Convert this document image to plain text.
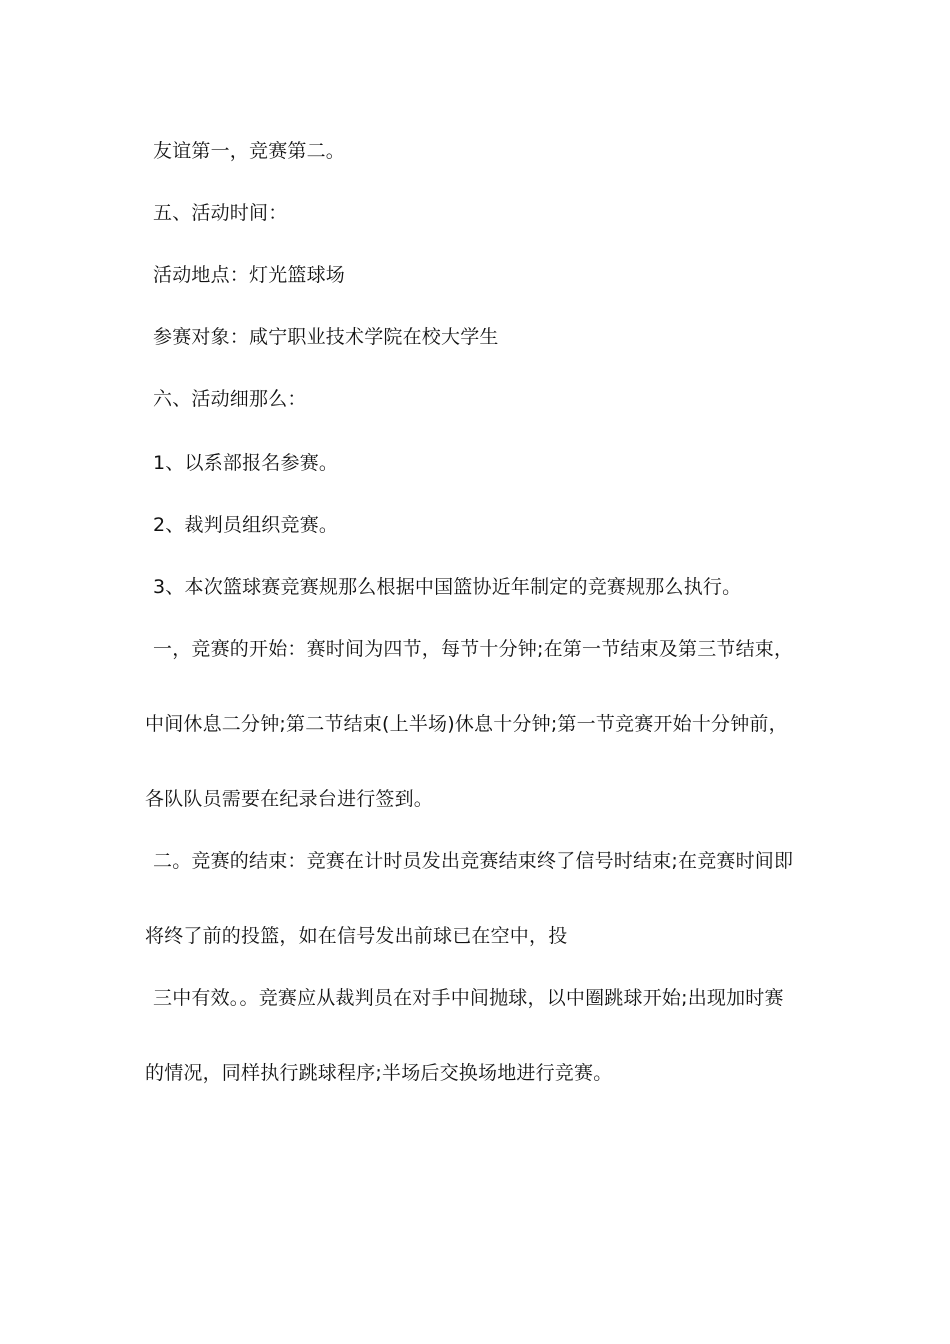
友谊第一，竞赛第二。
五、活动时间：
活动地点：灯光篮球场
参赛对象：咸宁职业技术学院在校大学生
六、活动细那么：
1、以系部报名参赛。
2、裁判员组织竞赛。
3、本次篮球赛竞赛规那么根据中国篮协近年制定的竞赛规那么执行。
一，竞赛的开始：赛时间为四节，每节十分钟;在第一节结束及第三节结束，
中间休息二分钟;第二节结束(上半场)休息十分钟;第一节竞赛开始十分钟前，
各队队员需要在纪录台进行签到。
二。竞赛的结束：竞赛在计时员发出竞赛结束终了信号时结束;在竞赛时间即
将终了前的投篮，如在信号发出前球已在空中，投
三中有效。。竞赛应从裁判员在对手中间抛球，以中圈跳球开始;出现加时赛
的情况，同样执行跳球程序;半场后交换场地进行竞赛。
